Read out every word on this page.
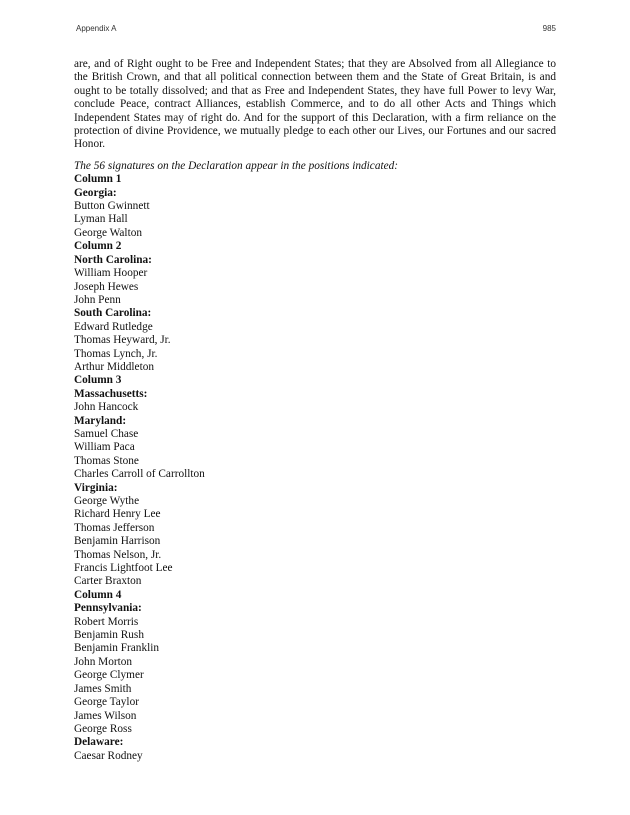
Appendix A	985

are, and of Right ought to be Free and Independent States; that they are Absolved from all Allegiance to the British Crown, and that all political connection between them and the State of Great Britain, is and ought to be totally dissolved; and that as Free and Independent States, they have full Power to levy War, conclude Peace, contract Alliances, establish Commerce, and to do all other Acts and Things which Independent States may of right do. And for the support of this Declaration, with a firm reliance on the protection of divine Providence, we mutually pledge to each other our Lives, our Fortunes and our sacred Honor.

The 56 signatures on the Declaration appear in the positions indicated:

Column 1
Georgia:
Button Gwinnett
Lyman Hall
George Walton
Column 2
North Carolina:
William Hooper
Joseph Hewes
John Penn
South Carolina:
Edward Rutledge
Thomas Heyward, Jr.
Thomas Lynch, Jr.
Arthur Middleton
Column 3
Massachusetts:
John Hancock
Maryland:
Samuel Chase
William Paca
Thomas Stone
Charles Carroll of Carrollton
Virginia:
George Wythe
Richard Henry Lee
Thomas Jefferson
Benjamin Harrison
Thomas Nelson, Jr.
Francis Lightfoot Lee
Carter Braxton
Column 4
Pennsylvania:
Robert Morris
Benjamin Rush
Benjamin Franklin
John Morton
George Clymer
James Smith
George Taylor
James Wilson
George Ross
Delaware:
Caesar Rodney
